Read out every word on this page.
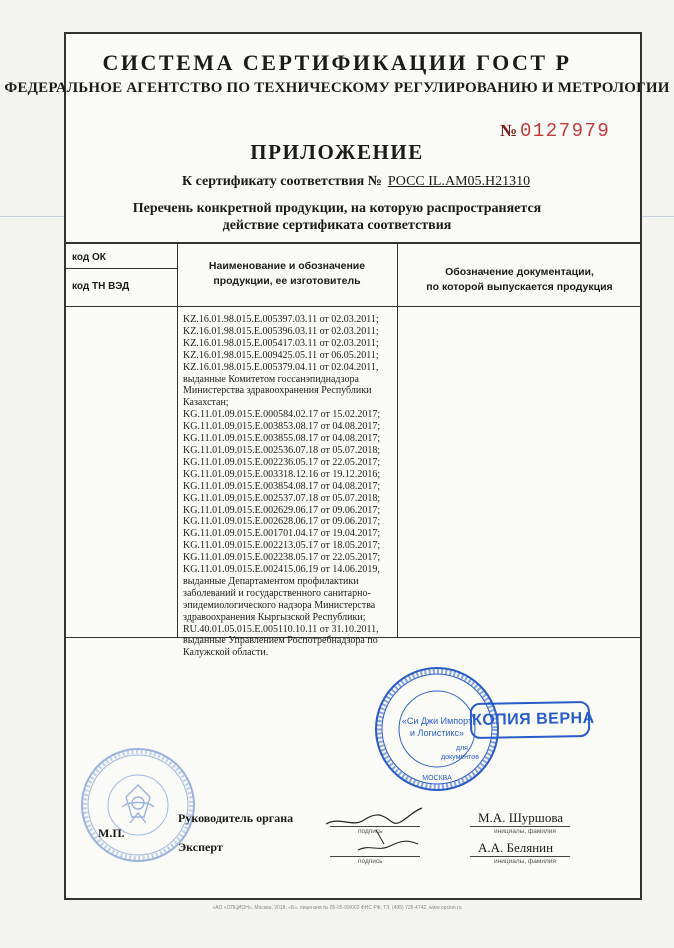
СИСТЕМА СЕРТИФИКАЦИИ ГОСТ Р
ФЕДЕРАЛЬНОЕ АГЕНТСТВО ПО ТЕХНИЧЕСКОМУ РЕГУЛИРОВАНИЮ И МЕТРОЛОГИИ
№ 0127979
ПРИЛОЖЕНИЕ
К сертификату соответствия № РОСС IL.АМ05.Н21310
Перечень конкретной продукции, на которую распространяется
действие сертификата соответствия
код ОК
код ТН ВЭД
Наименование и обозначение
продукции, ее изготовитель
Обозначение документации,
по которой выпускается продукция
KZ.16.01.98.015.E.005397.03.11 от 02.03.2011;
KZ.16.01.98.015.E.005396.03.11 от 02.03.2011;
KZ.16.01.98.015.E.005417.03.11 от 02.03.2011;
KZ.16.01.98.015.E.009425.05.11 от 06.05.2011;
KZ.16.01.98.015.E.005379.04.11 от 02.04.2011,
выданные Комитетом госсанэпиднадзора
Министерства здравоохранения Республики
Казахстан;
KG.11.01.09.015.E.000584.02.17 от 15.02.2017;
KG.11.01.09.015.E.003853.08.17 от 04.08.2017;
KG.11.01.09.015.E.003855.08.17 от 04.08.2017;
KG.11.01.09.015.E.002536.07.18 от 05.07.2018;
KG.11.01.09.015.E.002236.05.17 от 22.05.2017;
KG.11.01.09.015.E.003318.12.16 от 19.12.2016;
KG.11.01.09.015.E.003854.08.17 от 04.08.2017;
KG.11.01.09.015.E.002537.07.18 от 05.07.2018;
KG.11.01.09.015.E.002629.06.17 от 09.06.2017;
KG.11.01.09.015.E.002628.06.17 от 09.06.2017;
KG.11.01.09.015.E.001701.04.17 от 19.04.2017;
KG.11.01.09.015.E.002213.05.17 от 18.05.2017;
KG.11.01.09.015.E.002238.05.17 от 22.05.2017;
KG.11.01.09.015.E.002415.06.19 от 14.06.2019,
выданные Департаментом профилактики
заболеваний и государственного санитарно-
эпидемиологического надзора Министерства
здравоохранения Кыргызской Республики;
RU.40.01.05.015.E.005110.10.11 от 31.10.2011,
выданные Управлением Роспотребнадзора по
Калужской области.
«Си Джи Импорт
и Логистикс»
для
документов
МОСКВА
КОПИЯ ВЕРНА
Руководитель органа
М.П.
Эксперт
подпись
подпись
инициалы, фамилия
инициалы, фамилия
М.А. Шуршова
А.А. Белянин
«АО «ОПЦИОН», Москва, 2018, «Б». лицензия № 05-05-09/003 ФНС РФ, ТЗ. (495) 726-4742, www.opcion.ru
